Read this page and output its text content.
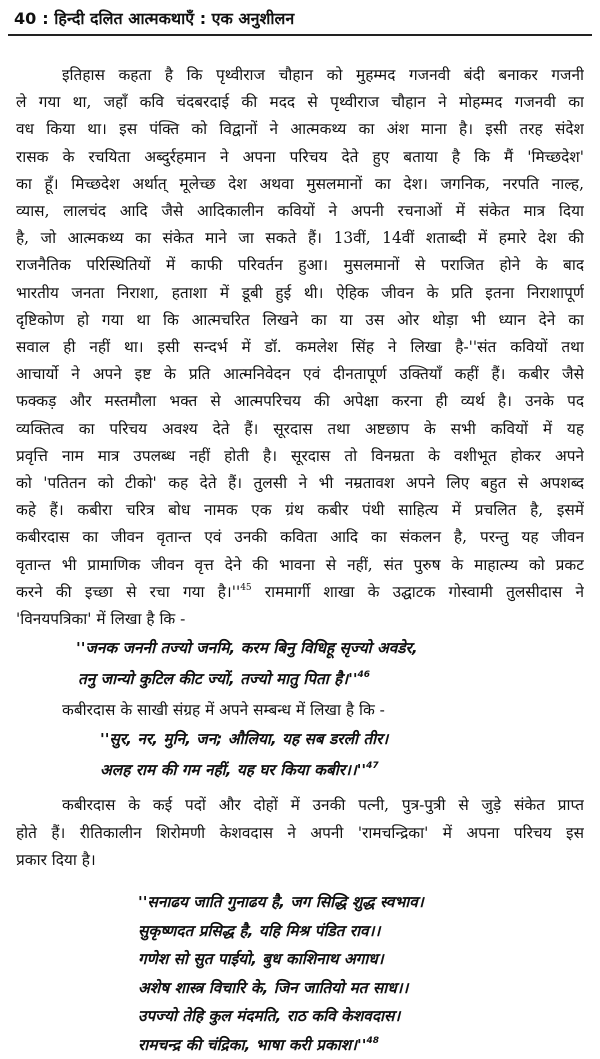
40 : हिन्दी दलित आत्मकथाएँ : एक अनुशीलन
इतिहास कहता है कि पृथ्वीराज चौहान को मुहम्मद गजनवी बंदी बनाकर गजनी
ले गया था, जहाँ कवि चंदबरदाई की मदद से पृथ्वीराज चौहान ने मोहम्मद गजनवी का
वध किया था। इस पंक्ति को विद्वानों ने आत्मकथ्य का अंश माना है। इसी तरह संदेश
रासक के रचयिता अब्दुर्रहमान ने अपना परिचय देते हुए बताया है कि मैं 'मिच्छदेश'
का हूँ। मिच्छदेश अर्थात् मूलेच्छ देश अथवा मुसलमानों का देश। जगनिक, नरपति नाल्ह,
व्यास, लालचंद आदि जैसे आदिकालीन कवियों ने अपनी रचनाओं में संकेत मात्र दिया
है, जो आत्मकथ्य का संकेत माने जा सकते हैं। 13वीं, 14वीं शताब्दी में हमारे देश की
राजनैतिक परिस्थितियों में काफी परिवर्तन हुआ। मुसलमानों से पराजित होने के बाद
भारतीय जनता निराशा, हताशा में डूबी हुई थी। ऐहिक जीवन के प्रति इतना निराशापूर्ण
दृष्टिकोण हो गया था कि आत्मचरित लिखने का या उस ओर थोड़ा भी ध्यान देने का
सवाल ही नहीं था। इसी सन्दर्भ में डॉ. कमलेश सिंह ने लिखा है-''संत कवियों तथा
आचार्यो ने अपने इष्ट के प्रति आत्मनिवेदन एवं दीनतापूर्ण उक्तियाँ कहीं हैं। कबीर जैसे
फक्कड़ और मस्तमौला भक्त से आत्मपरिचय की अपेक्षा करना ही व्यर्थ है। उनके पद
व्यक्तित्व का परिचय अवश्य देते हैं। सूरदास तथा अष्टछाप के सभी कवियों में यह
प्रवृत्ति नाम मात्र उपलब्ध नहीं होती है। सूरदास तो विनम्रता के वशीभूत होकर अपने
को 'पतितन को टीको' कह देते हैं। तुलसी ने भी नम्रतावश अपने लिए बहुत से अपशब्द
कहे हैं। कबीरा चरित्र बोध नामक एक ग्रंथ कबीर पंथी साहित्य में प्रचलित है, इसमें
कबीरदास का जीवन वृतान्त एवं उनकी कविता आदि का संकलन है, परन्तु यह जीवन
वृतान्त भी प्रामाणिक जीवन वृत्त देने की भावना से नहीं, संत पुरुष के माहात्म्य को प्रकट
करने की इच्छा से रचा गया $है।''^{45}$ राममार्गी शाखा के उद्घाटक गोस्वामी तुलसीदास ने
'विनयपत्रिका' में लिखा है कि -
''जनक जननी तज्यो जनमि, करम बिनु विधिहू सृज्यो अवडेर,
तनु जान्यो कुटिल कीट ज्यों, तज्यो मातु पिता $है।''^{46}$
कबीरदास के साखी संग्रह में अपने सम्बन्ध में लिखा है कि -
''सुर, नर, मुनि, जन; औलिया, यह सब डरली तीर।
अलह राम की गम नहीं, यह घर किया $कबीर।।''^{47}$
कबीरदास के कई पदों और दोहों में उनकी पत्नी, पुत्र-पुत्री से जुड़े संकेत प्राप्त
होते हैं। रीतिकालीन शिरोमणी केशवदास ने अपनी 'रामचन्द्रिका' में अपना परिचय इस
प्रकार दिया है।
''सनाढय जाति गुनाढय है, जग सिद्धि शुद्ध स्वभाव।
सुकृष्णदत प्रसिद्ध है, यहि मिश्र पंडित राव।।
गणेश सो सुत पाईयो, बुध काशिनाथ अगाध।
अशेष शास्त्र विचारि के, जिन जातियो मत साध।।
उपज्यो तेहि कुल मंदमति, राठ कवि केशवदास।
रामचन्द्र की चंद्रिका, भाषा करी $प्रकाश।''^{48}$
